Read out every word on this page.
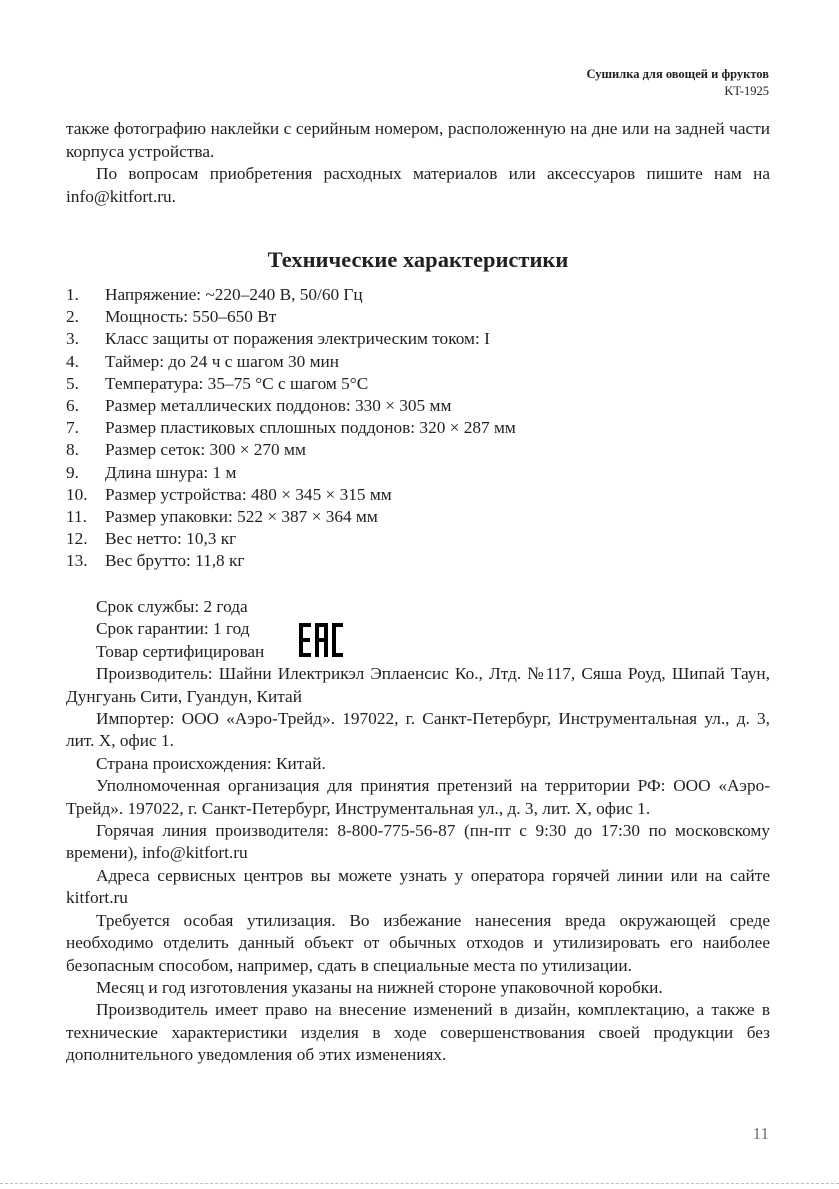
Сушилка для овощей и фруктов
KT-1925

также фотографию наклейки с серийным номером, расположенную на дне или на задней части корпуса устройства.

По вопросам приобретения расходных материалов или аксессуаров пишите нам на info@kitfort.ru.

Технические характеристики
1. Напряжение: ~220–240 В, 50/60 Гц
2. Мощность: 550–650 Вт
3. Класс защиты от поражения электрическим током: I
4. Таймер: до 24 ч с шагом 30 мин
5. Температура: 35–75 °С с шагом 5°С
6. Размер металлических поддонов: 330 × 305 мм
7. Размер пластиковых сплошных поддонов: 320 × 287 мм
8. Размер сеток: 300 × 270 мм
9. Длина шнура: 1 м
10. Размер устройства: 480 × 345 × 315 мм
11. Размер упаковки: 522 × 387 × 364 мм
12. Вес нетто: 10,3 кг
13. Вес брутто: 11,8 кг

Срок службы: 2 года

Срок гарантии: 1 год

Товар сертифицирован

Производитель: Шайни Илектрикэл Эплаенсис Ко., Лтд. №117, Сяша Роуд, Шипай Таун, Дунгуань Сити, Гуандун, Китай

Импортер: ООО «Аэро-Трейд». 197022, г. Санкт-Петербург, Инструментальная ул., д. 3, лит. Х, офис 1.

Страна происхождения: Китай.

Уполномоченная организация для принятия претензий на территории РФ: ООО «Аэро-Трейд». 197022, г. Санкт-Петербург, Инструментальная ул., д. 3, лит. Х, офис 1.

Горячая линия производителя: 8-800-775-56-87 (пн-пт с 9:30 до 17:30 по московскому времени), info@kitfort.ru

Адреса сервисных центров вы можете узнать у оператора горячей линии или на сайте kitfort.ru

Требуется особая утилизация. Во избежание нанесения вреда окружающей среде необходимо отделить данный объект от обычных отходов и утилизировать его наиболее безопасным способом, например, сдать в специальные места по утилизации.

Месяц и год изготовления указаны на нижней стороне упаковочной коробки.

Производитель имеет право на внесение изменений в дизайн, комплектацию, а также в технические характеристики изделия в ходе совершенствования своей продукции без дополнительного уведомления об этих изменениях.

11
